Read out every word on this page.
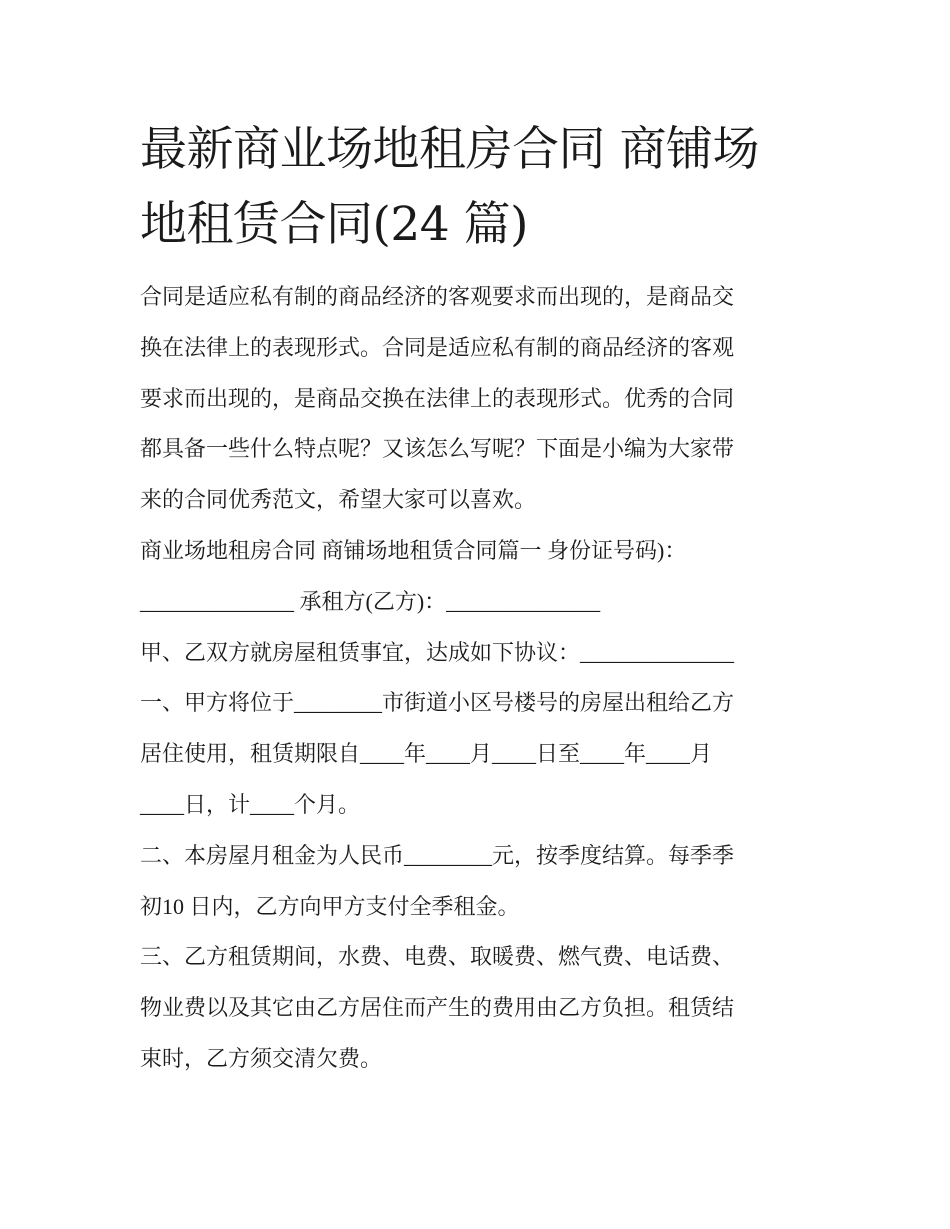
最新商业场地租房合同 商铺场
地租赁合同(24 篇)
合同是适应私有制的商品经济的客观要求而出现的，是商品交
换在法律上的表现形式。合同是适应私有制的商品经济的客观
要求而出现的，是商品交换在法律上的表现形式。优秀的合同
都具备一些什么特点呢？又该怎么写呢？下面是小编为大家带
来的合同优秀范文，希望大家可以喜欢。
商业场地租房合同 商铺场地租赁合同篇一 身份证号码)：
______________ 承租方(乙方)：______________
甲、乙双方就房屋租赁事宜，达成如下协议：______________
一、甲方将位于________市街道小区号楼号的房屋出租给乙方
居住使用，租赁期限自____年____月____日至____年____月
____日，计____个月。
二、本房屋月租金为人民币________元，按季度结算。每季季
初10 日内，乙方向甲方支付全季租金。
三、乙方租赁期间，水费、电费、取暖费、燃气费、电话费、
物业费以及其它由乙方居住而产生的费用由乙方负担。租赁结
束时，乙方须交清欠费。
